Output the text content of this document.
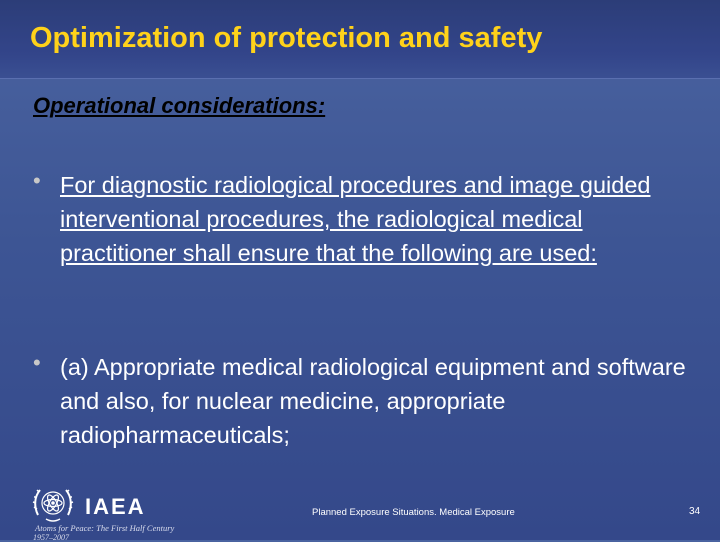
Optimization of protection and safety
Operational considerations:
• For diagnostic radiological procedures and image guided interventional procedures, the radiological medical practitioner shall ensure that the following are used:
• (a) Appropriate medical radiological equipment and software and also, for nuclear medicine, appropriate radiopharmaceuticals;
IAEA
Atoms for Peace: The First Half Century
1957–2007
Planned Exposure Situations. Medical Exposure	34
